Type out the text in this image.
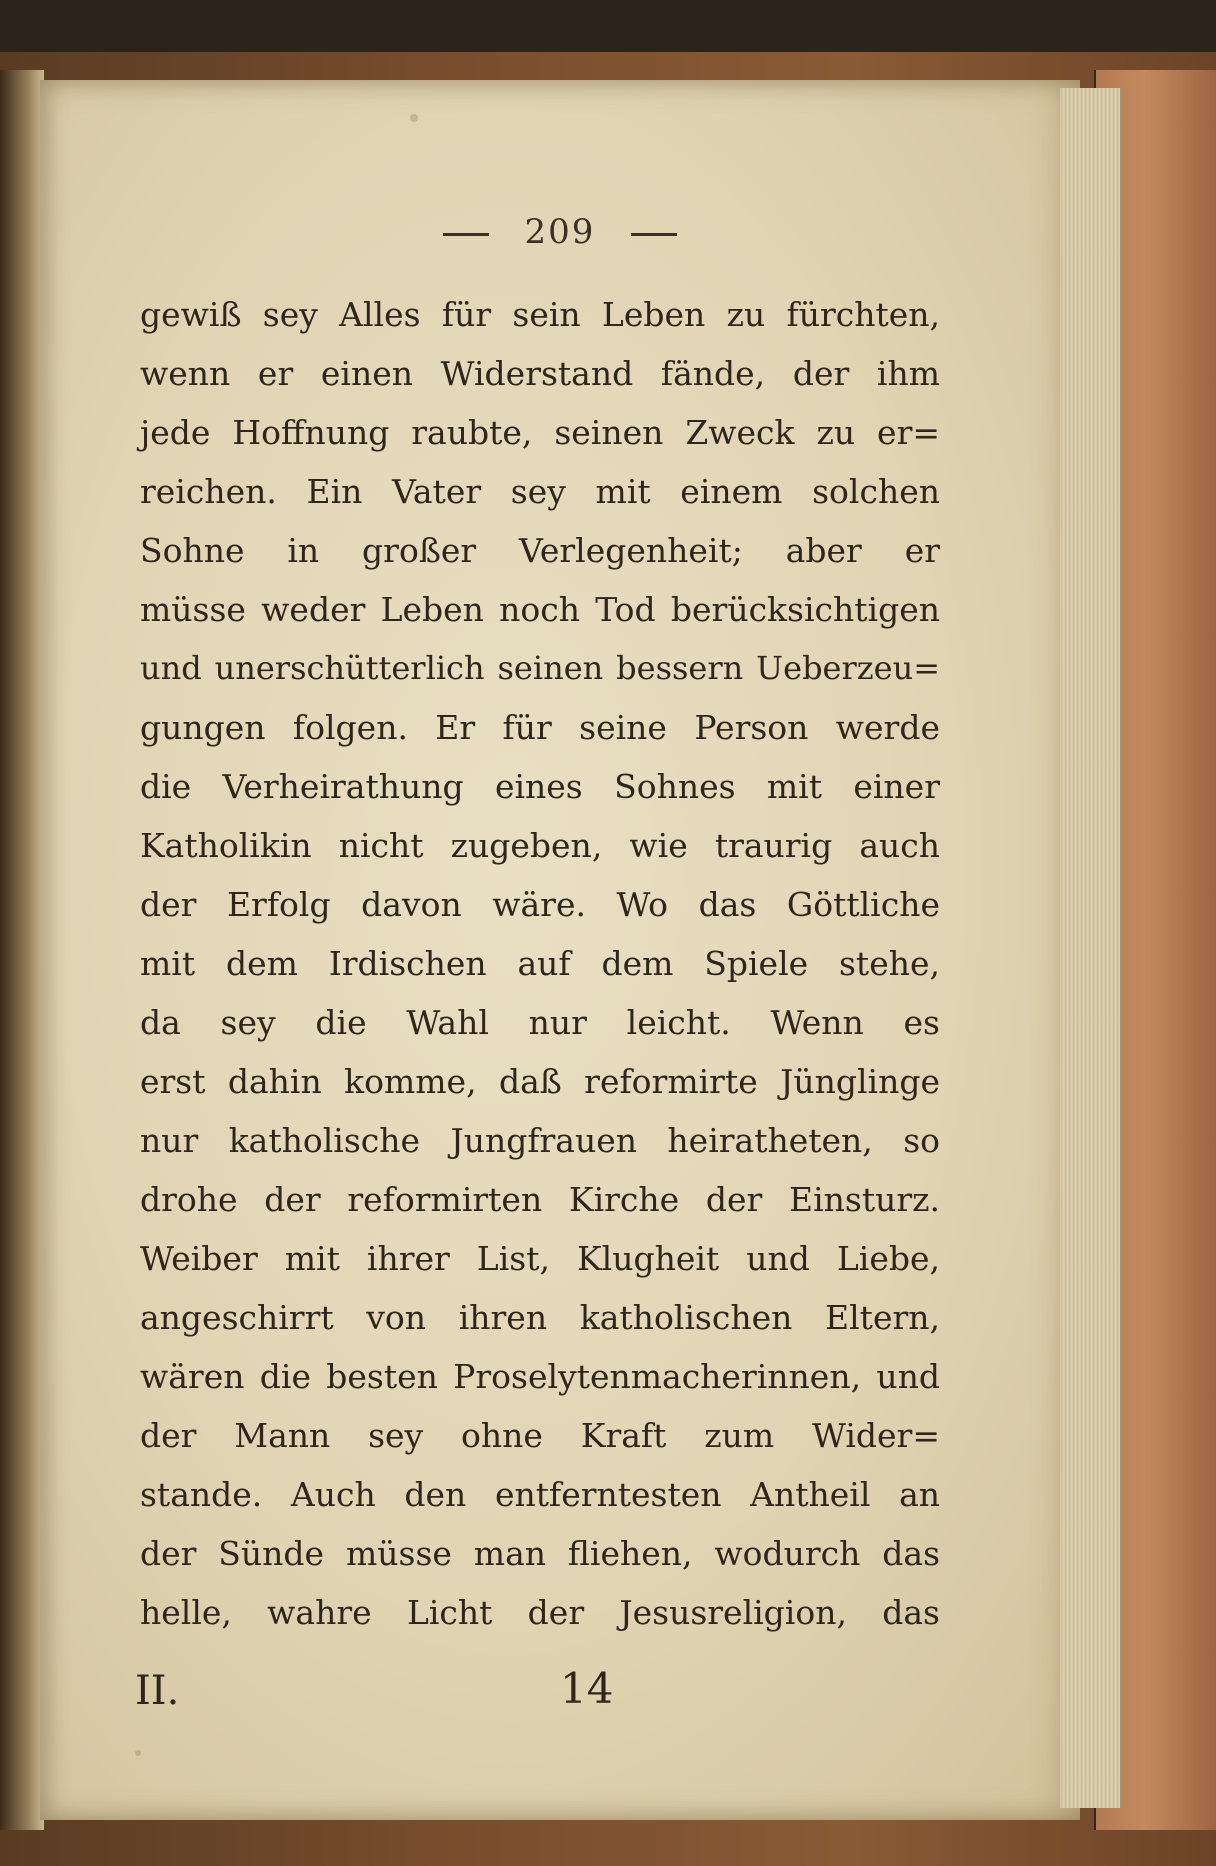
209
gewiß sey Alles für sein Leben zu fürchten,
wenn er einen Widerstand fände, der ihm
jede Hoffnung raubte, seinen Zweck zu er=
reichen. Ein Vater sey mit einem solchen
Sohne in großer Verlegenheit; aber er
müsse weder Leben noch Tod berücksichtigen
und unerschütterlich seinen bessern Ueberzeu=
gungen folgen. Er für seine Person werde
die Verheirathung eines Sohnes mit einer
Katholikin nicht zugeben, wie traurig auch
der Erfolg davon wäre. Wo das Göttliche
mit dem Irdischen auf dem Spiele stehe,
da sey die Wahl nur leicht. Wenn es
erst dahin komme, daß reformirte Jünglinge
nur katholische Jungfrauen heiratheten, so
drohe der reformirten Kirche der Einsturz.
Weiber mit ihrer List, Klugheit und Liebe,
angeschirrt von ihren katholischen Eltern,
wären die besten Proselytenmacherinnen, und
der Mann sey ohne Kraft zum Wider=
stande. Auch den entferntesten Antheil an
der Sünde müsse man fliehen, wodurch das
helle, wahre Licht der Jesusreligion, das
II.	14
